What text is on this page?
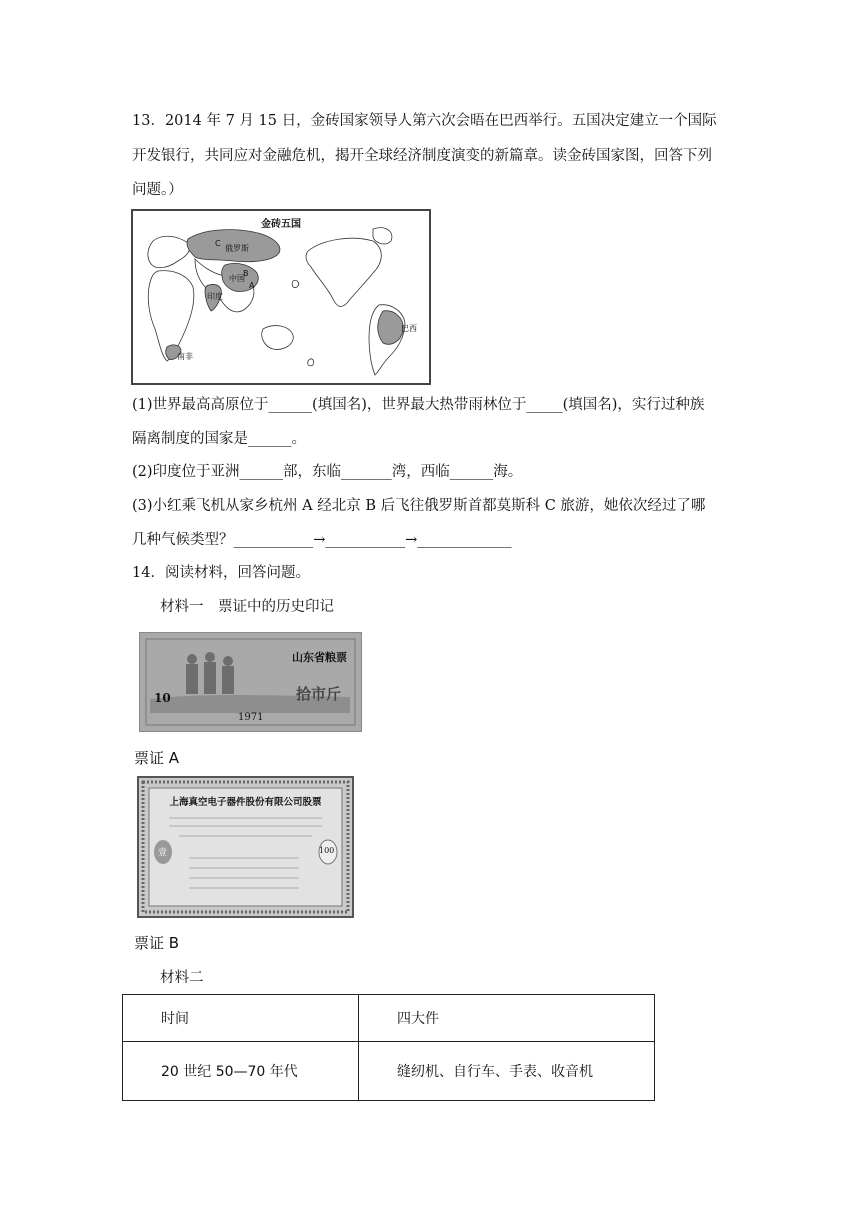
13．2014 年 7 月 15 日，金砖国家领导人第六次会晤在巴西举行。五国决定建立一个国际
开发银行，共同应对金融危机，揭开全球经济制度演变的新篇章。读金砖国家图，回答下列
问题。）
金砖五国
C
俄罗斯
中国
B
A
印度
巴西
南非
(1)世界最高高原位于______(填国名)，世界最大热带雨林位于_____(填国名)，实行过种族
隔离制度的国家是______。
(2)印度位于亚洲______部，东临_______湾，西临______海。
(3)小红乘飞机从家乡杭州 A 经北京 B 后飞往俄罗斯首都莫斯科 C 旅游，她依次经过了哪
几种气候类型？___________→___________→_____________
14．阅读材料，回答问题。
材料一　票证中的历史印记
山东省粮票
拾市斤
10
1971
票证 A
上海真空电子器件股份有限公司股票
壹	100
票证 B
材料二
时间	四大件
20 世纪 50—70 年代	缝纫机、自行车、手表、收音机
